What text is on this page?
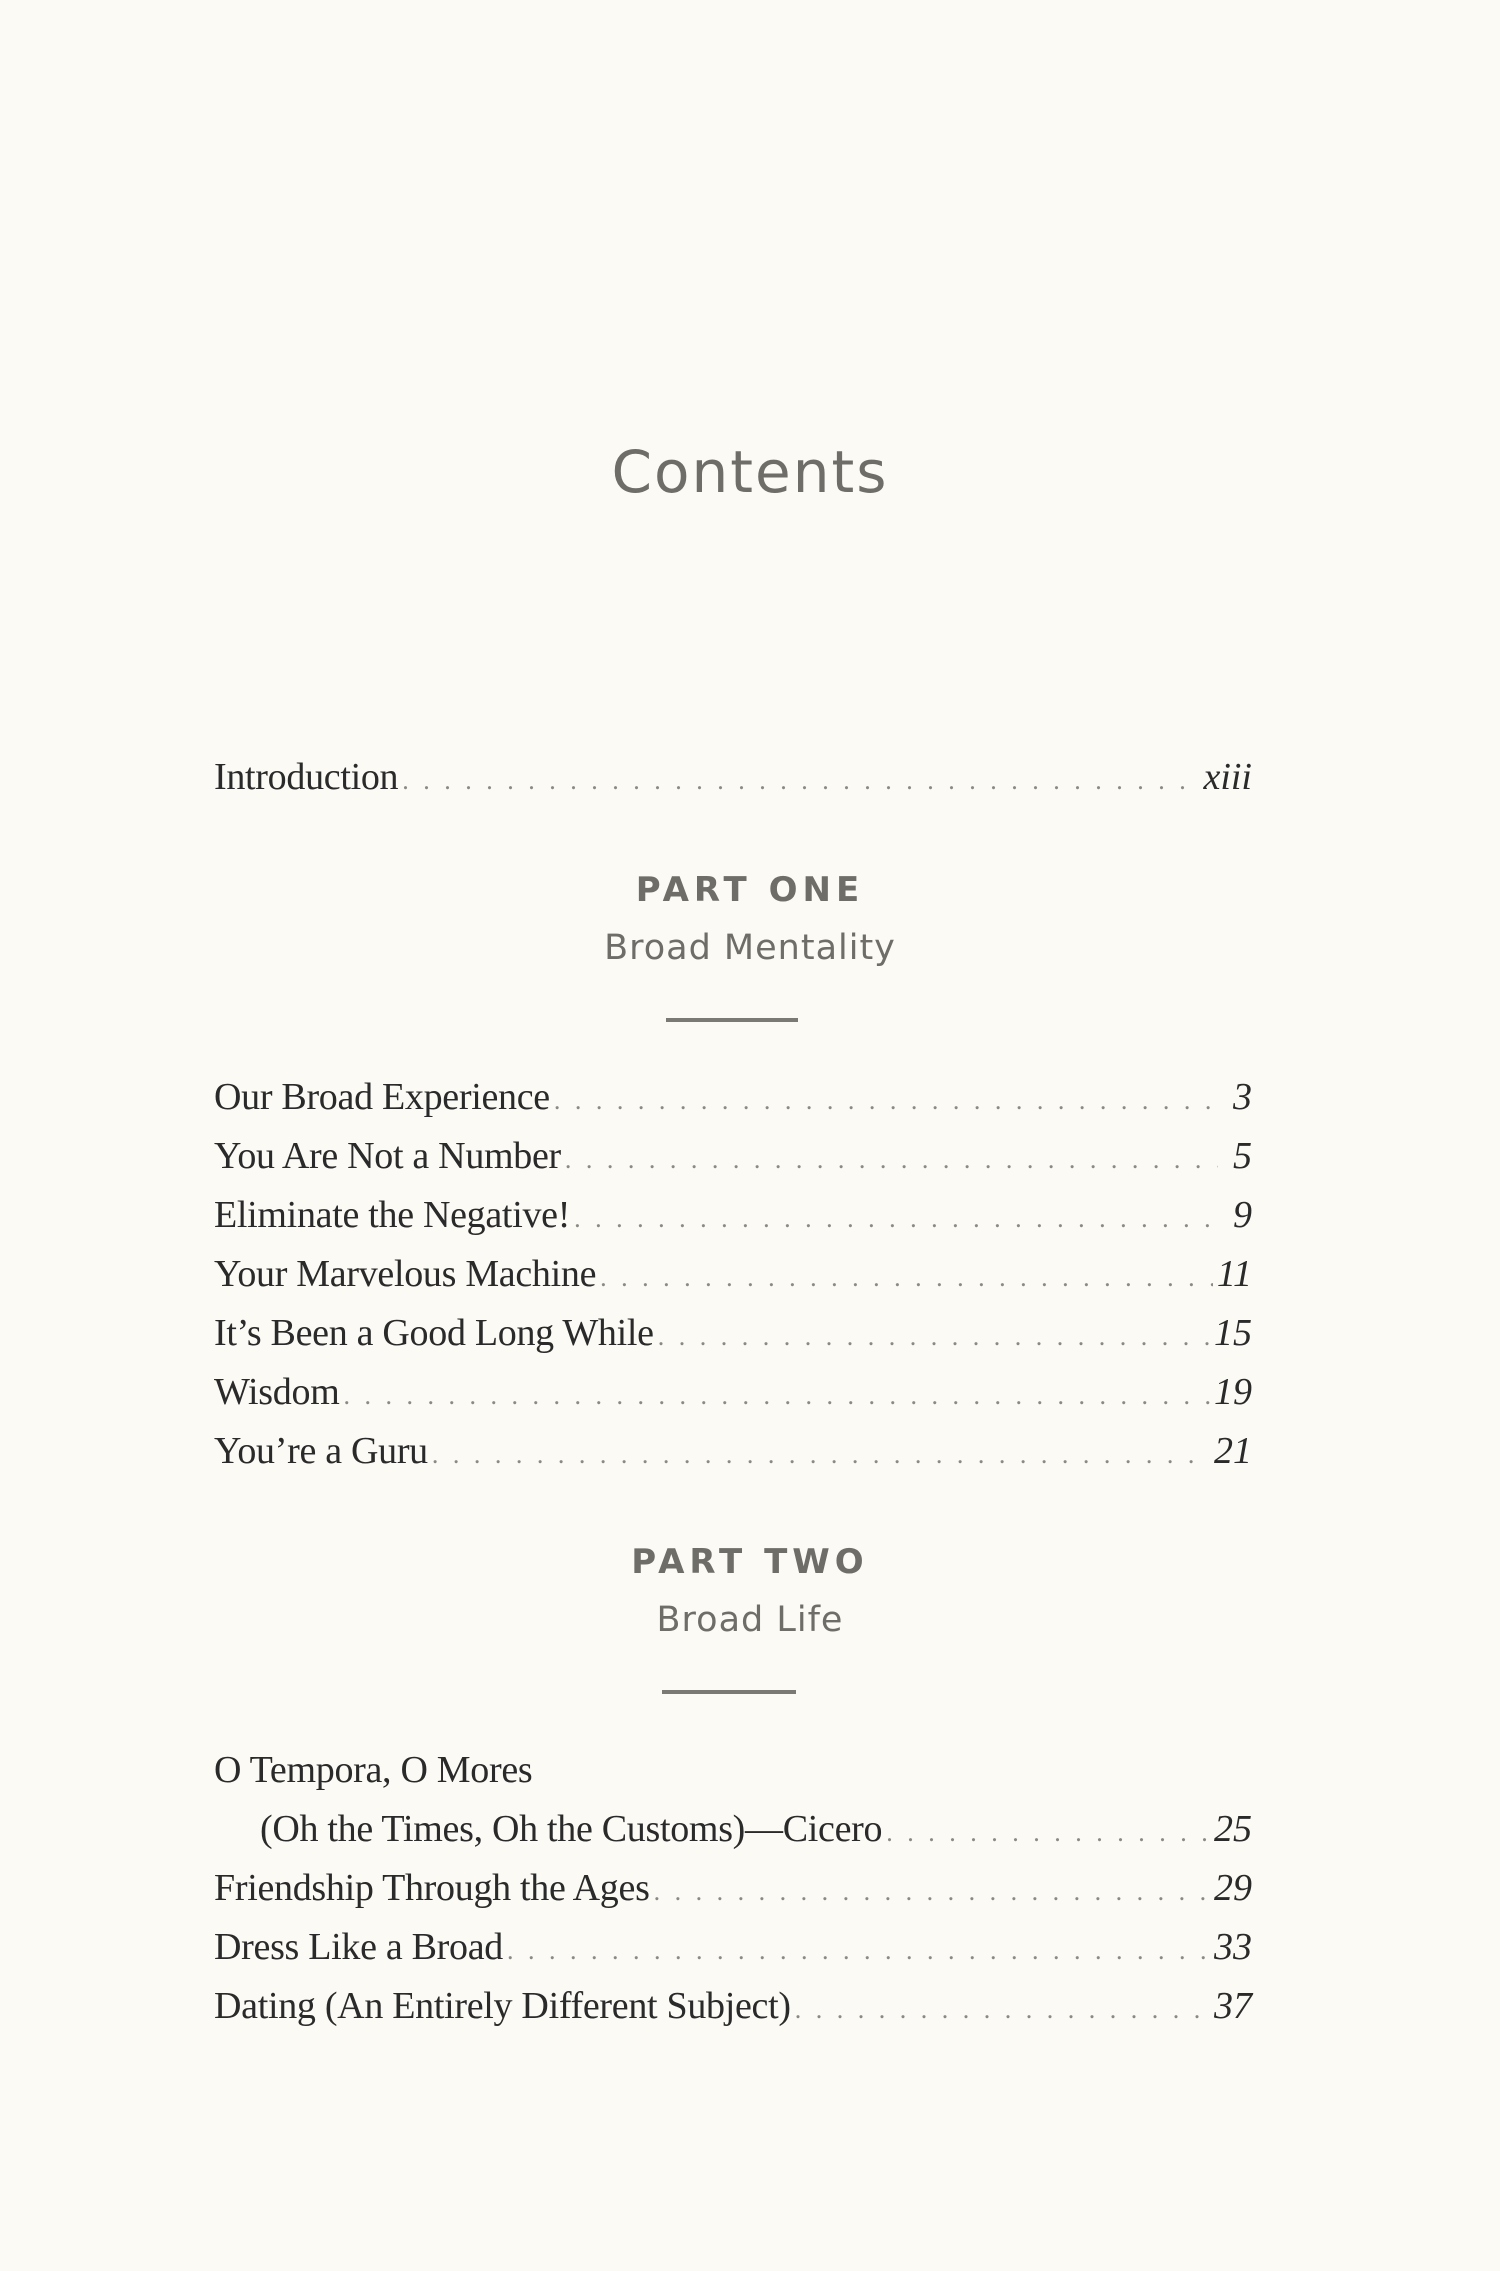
Contents
Introduction . . .	xiii
PART ONE
Broad Mentality
Our Broad Experience . . .	3
You Are Not a Number . . .	5
Eliminate the Negative! . . .	9
Your Marvelous Machine . . .	11
It’s Been a Good Long While . . .	15
Wisdom . . .	19
You’re a Guru . . .	21
PART TWO
Broad Life
O Tempora, O Mores
(Oh the Times, Oh the Customs)—Cicero . . .	25
Friendship Through the Ages . . .	29
Dress Like a Broad . . .	33
Dating (An Entirely Different Subject) . . .	37
